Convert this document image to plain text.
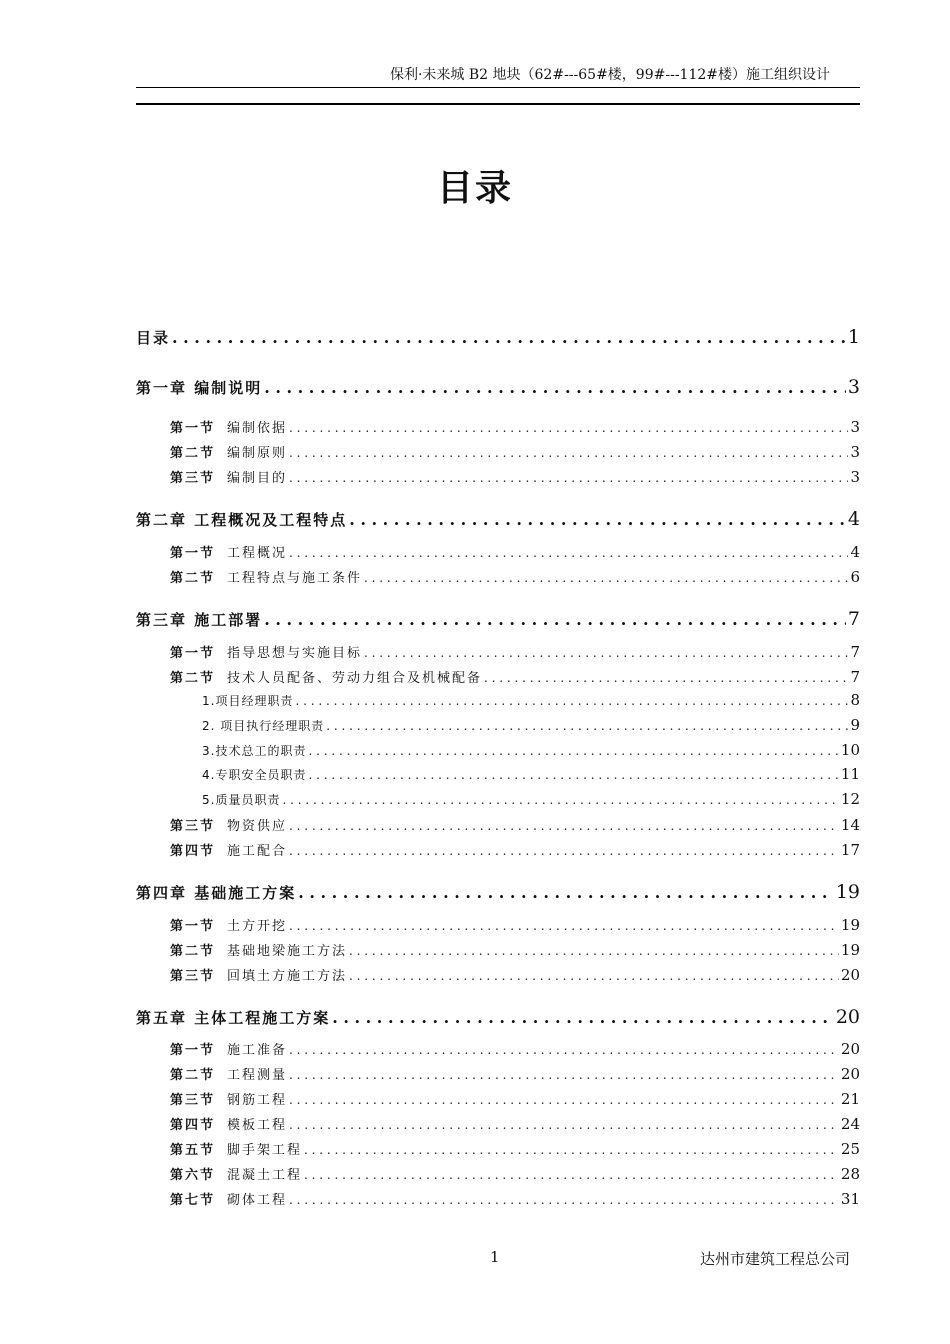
保利·未来城 B2 地块（62#---65#楼，99#---112#楼）施工组织设计
目录
目录 . . .	1
第一章 编制说明 . . .	3
第一节 编制依据 . . .	3
第二节 编制原则 . . .	3
第三节 编制目的 . . .	3
第二章 工程概况及工程特点 . . .	4
第一节 工程概况 . . .	4
第二节 工程特点与施工条件 . . .	6
第三章 施工部署 . . .	7
第一节 指导思想与实施目标 . . .	7
第二节 技术人员配备、劳动力组合及机械配备 . . .	7
1.项目经理职责 . . .	8
2. 项目执行经理职责 . . .	9
3.技术总工的职责 . . .	10
4.专职安全员职责 . . .	11
5.质量员职责 . . .	12
第三节 物资供应 . . .	14
第四节 施工配合 . . .	17
第四章 基础施工方案 . . .	19
第一节 土方开挖 . . .	19
第二节 基础地梁施工方法 . . .	19
第三节 回填土方施工方法 . . .	20
第五章 主体工程施工方案 . . .	20
第一节 施工准备 . . .	20
第二节 工程测量 . . .	20
第三节 钢筋工程 . . .	21
第四节 模板工程 . . .	24
第五节 脚手架工程 . . .	25
第六节 混凝土工程 . . .	28
第七节 砌体工程 . . .	31
1	达州市建筑工程总公司
